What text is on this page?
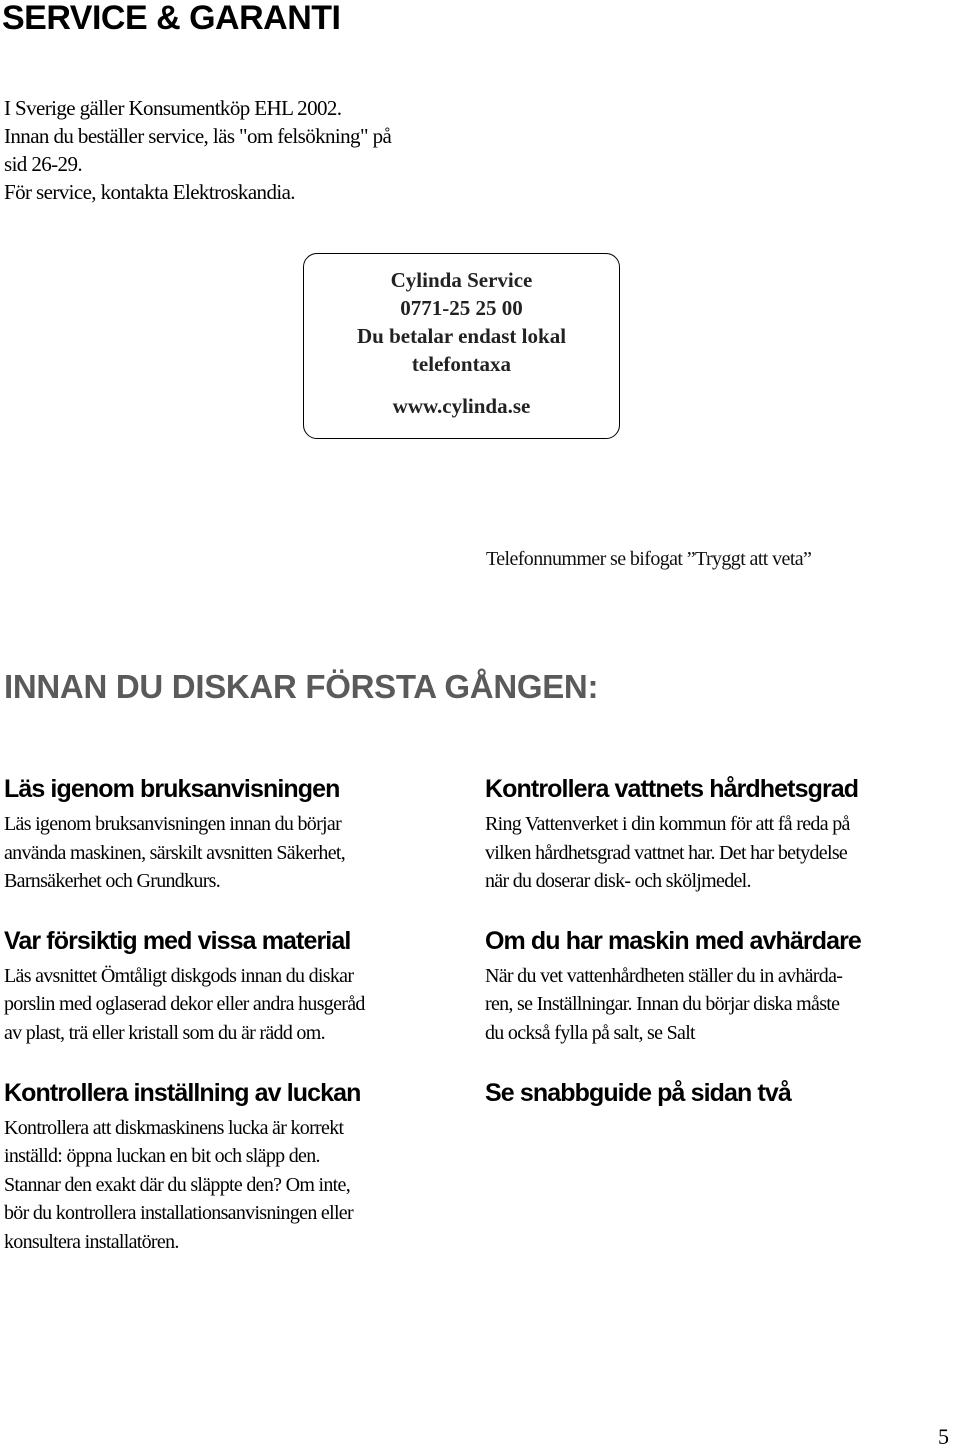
SERVICE & GARANTI
I Sverige gäller Konsumentköp EHL 2002.
Innan du beställer service, läs "om felsökning" på
sid 26-29.
För service, kontakta Elektroskandia.
Cylinda Service
0771-25 25 00
Du betalar endast lokal
telefontaxa
www.cylinda.se
Telefonnummer se bifogat ”Tryggt att veta”
INNAN DU DISKAR FÖRSTA GÅNGEN:
Läs igenom bruksanvisningen

Läs igenom bruksanvisningen innan du börjar
använda maskinen, särskilt avsnitten Säkerhet,
Barnsäkerhet och Grundkurs.

Var försiktig med vissa material

Läs avsnittet Ömtåligt diskgods innan du diskar
porslin med oglaserad dekor eller andra husgeråd
av plast, trä eller kristall som du är rädd om.

Kontrollera inställning av luckan

Kontrollera att diskmaskinens lucka är korrekt
inställd: öppna luckan en bit och släpp den.
Stannar den exakt där du släppte den? Om inte,
bör du kontrollera installationsanvisningen eller
konsultera installatören.

Kontrollera vattnets hårdhetsgrad

Ring Vattenverket i din kommun för att få reda på
vilken hårdhetsgrad vattnet har. Det har betydelse
när du doserar disk- och sköljmedel.

Om du har maskin med avhärdare

När du vet vattenhårdheten ställer du in avhärda-
ren, se Inställningar. Innan du börjar diska måste
du också fylla på salt, se Salt

Se snabbguide på sidan två
5
